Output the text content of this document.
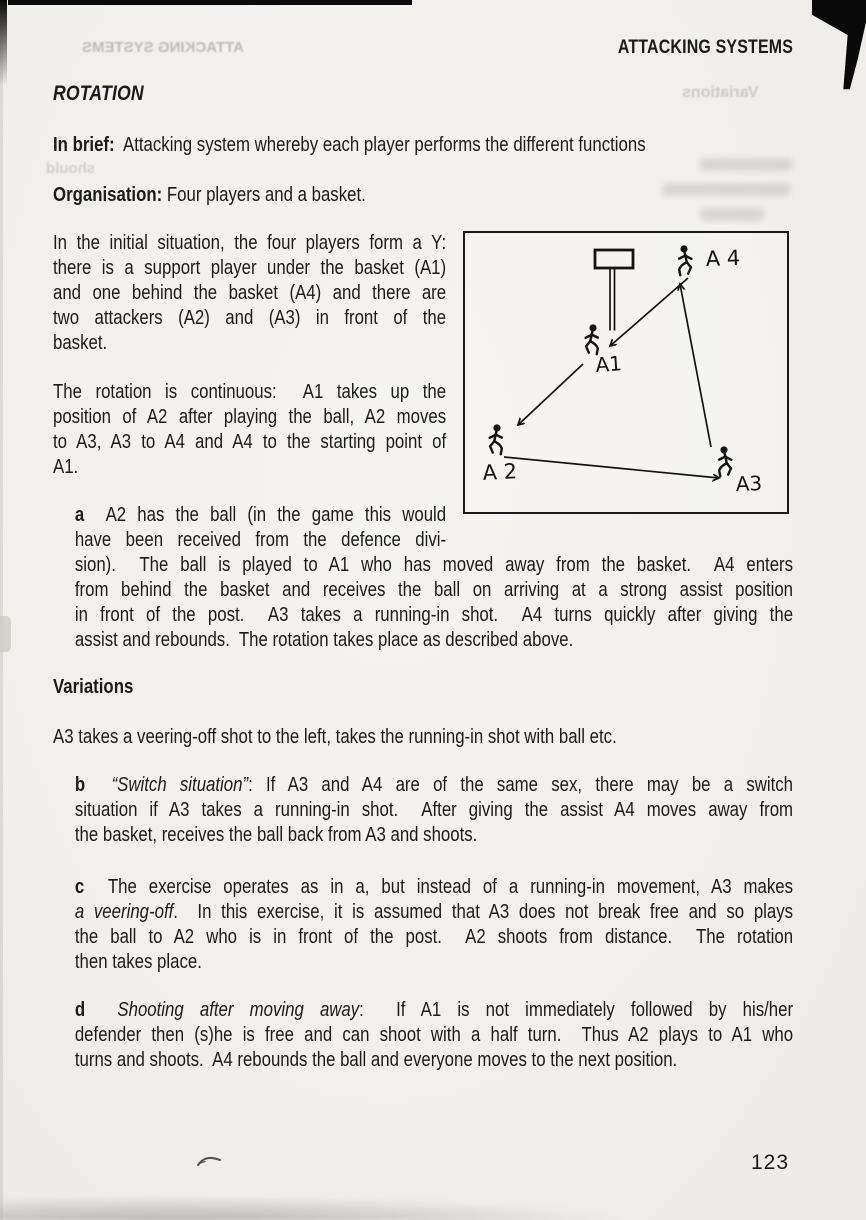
ATTACKING SYSTEMS
Variations
should
ATTACKING SYSTEMS
ROTATION
In brief:  Attacking system whereby each player performs the different functions
Organisation: Four players and a basket.
In the initial situation, the four players form a Y:
there is a support player under the basket (A1)
and one behind the basket (A4) and there are
two attackers (A2) and (A3) in front of the
basket.
The rotation is continuous:  A1 takes up the
position of A2 after playing the ball, A2 moves
to A3, A3 to A4 and A4 to the starting point of
A1.
a  A2 has the ball (in the game this would
have been received from the defence divi-
sion).  The ball is played to A1 who has moved away from the basket.  A4 enters
from behind the basket and receives the ball on arriving at a strong assist position
in front of the post.  A3 takes a running-in shot.  A4 turns quickly after giving the
assist and rebounds.  The rotation takes place as described above.
Variations
A3 takes a veering-off shot to the left, takes the running-in shot with ball etc.
b “Switch situation”: If A3 and A4 are of the same sex, there may be a switch
situation if A3 takes a running-in shot.  After giving the assist A4 moves away from
the basket, receives the ball back from A3 and shoots.
c  The exercise operates as in a, but instead of a running-in movement, A3 makes
a veering-off.  In this exercise, it is assumed that A3 does not break free and so plays
the ball to A2 who is in front of the post.  A2 shoots from distance.  The rotation
then takes place.
d Shooting after moving away:  If A1 is not immediately followed by his/her
defender then (s)he is free and can shoot with a half turn.  Thus A2 plays to A1 who
turns and shoots.  A4 rebounds the ball and everyone moves to the next position.
A 4
A1
A 2	A3
123
